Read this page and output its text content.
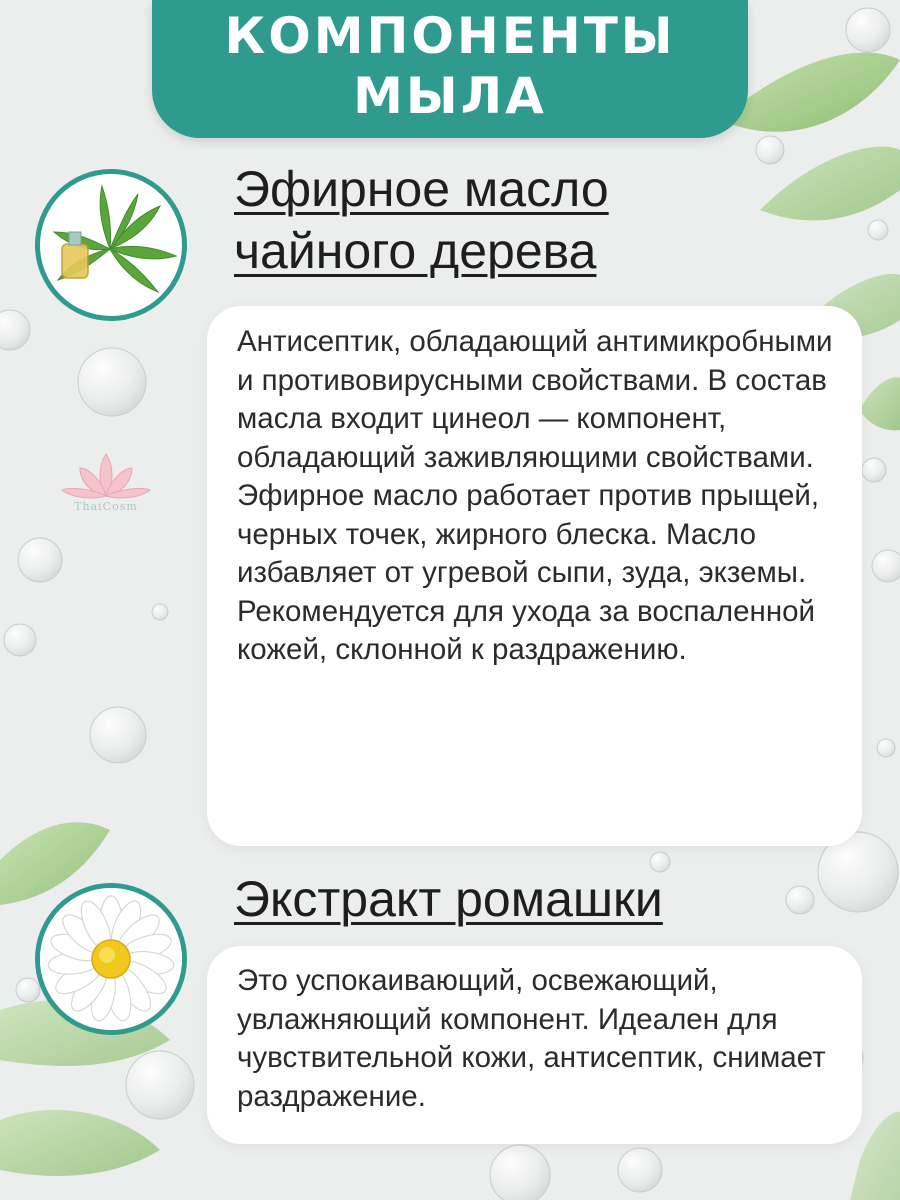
ThaiCosm
КОМПОНЕНТЫ
МЫЛА
Эфирное масло
чайного дерева

Антисептик, обладающий антимикробными и противовирусными свойствами. В состав масла входит цинеол — компонент, обладающий заживляющими свойствами. Эфирное масло работает против прыщей, черных точек, жирного блеска. Масло избавляет от угревой сыпи, зуда, экземы. Рекомендуется для ухода за воспаленной кожей, склонной к раздражению.

Экстракт ромашки

Это успокаивающий, освежающий, увлажняющий компонент. Идеален для чувствительной кожи, антисептик, снимает раздражение.
